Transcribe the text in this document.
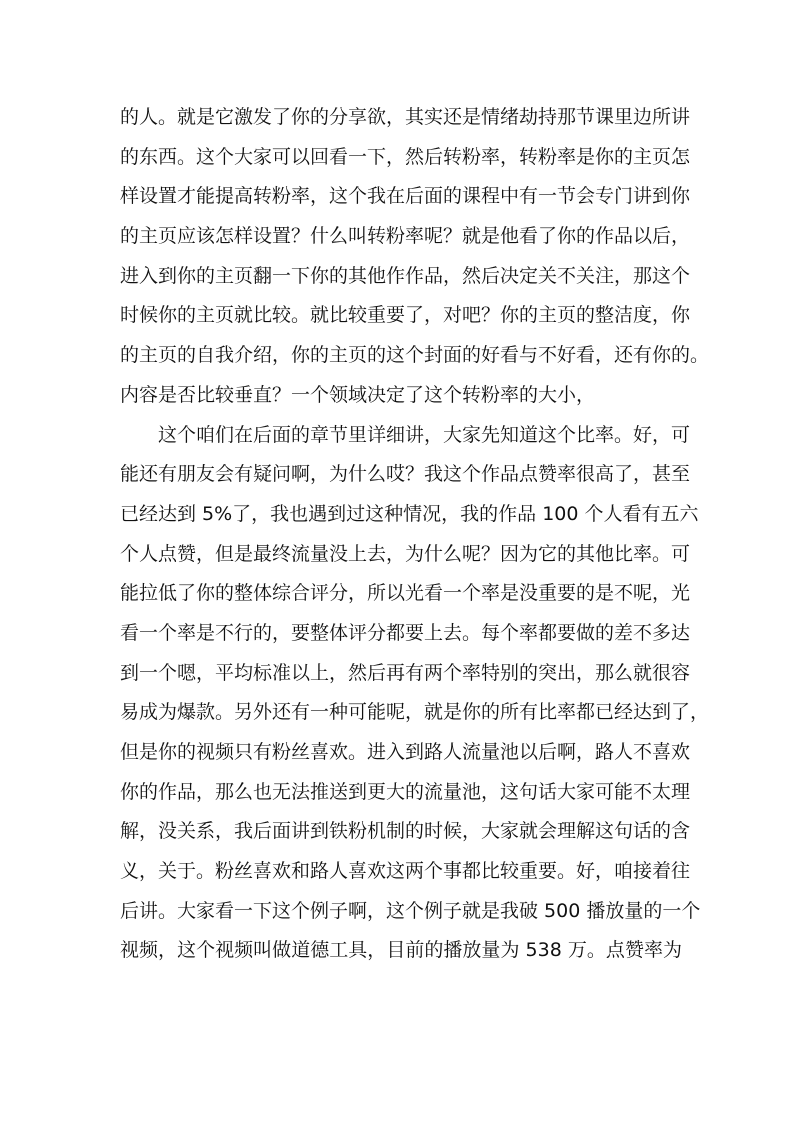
的人。就是它激发了你的分享欲，其实还是情绪劫持那节课里边所讲
的东西。这个大家可以回看一下，然后转粉率，转粉率是你的主页怎
样设置才能提高转粉率，这个我在后面的课程中有一节会专门讲到你
的主页应该怎样设置？什么叫转粉率呢？就是他看了你的作品以后，
进入到你的主页翻一下你的其他作作品，然后决定关不关注，那这个
时候你的主页就比较。就比较重要了，对吧？你的主页的整洁度，你
的主页的自我介绍，你的主页的这个封面的好看与不好看，还有你的。
内容是否比较垂直？一个领域决定了这个转粉率的大小，
这个咱们在后面的章节里详细讲，大家先知道这个比率。好，可
能还有朋友会有疑问啊，为什么哎？我这个作品点赞率很高了，甚至
已经达到 5%了，我也遇到过这种情况，我的作品 100 个人看有五六
个人点赞，但是最终流量没上去，为什么呢？因为它的其他比率。可
能拉低了你的整体综合评分，所以光看一个率是没重要的是不呢，光
看一个率是不行的，要整体评分都要上去。每个率都要做的差不多达
到一个嗯，平均标准以上，然后再有两个率特别的突出，那么就很容
易成为爆款。另外还有一种可能呢，就是你的所有比率都已经达到了，
但是你的视频只有粉丝喜欢。进入到路人流量池以后啊，路人不喜欢
你的作品，那么也无法推送到更大的流量池，这句话大家可能不太理
解，没关系，我后面讲到铁粉机制的时候，大家就会理解这句话的含
义，关于。粉丝喜欢和路人喜欢这两个事都比较重要。好，咱接着往
后讲。大家看一下这个例子啊，这个例子就是我破 500 播放量的一个
视频，这个视频叫做道德工具，目前的播放量为 538 万。点赞率为
